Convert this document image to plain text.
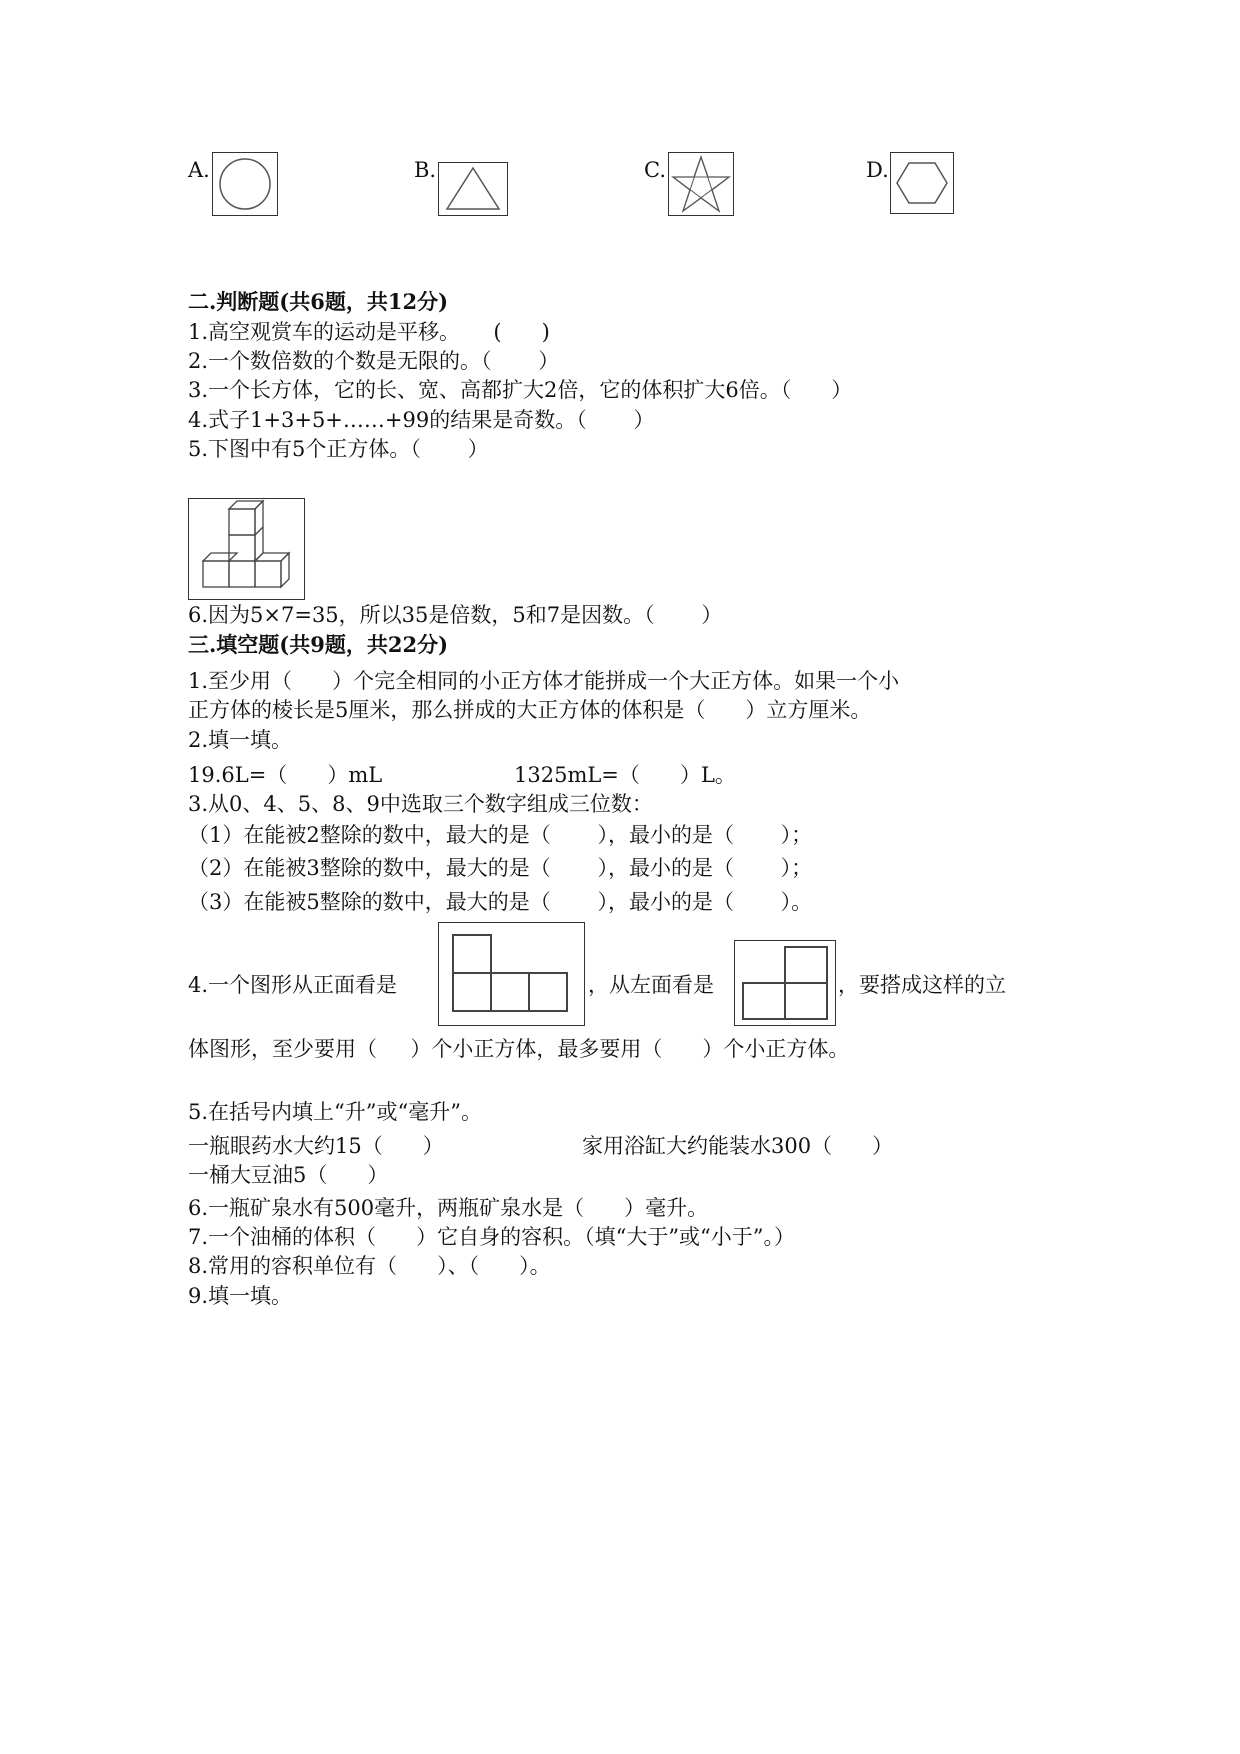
A.	B.	C.	D.
二.判断题(共6题，共12分)
1.高空观赏车的运动是平移。     (      )
2.一个数倍数的个数是无限的。（       ）
3.一个长方体，它的长、宽、高都扩大2倍，它的体积扩大6倍。（      ）
4.式子1+3+5+……+99的结果是奇数。（       ）
5.下图中有5个正方体。（       ）
6.因为5×7=35，所以35是倍数，5和7是因数。（       ）
三.填空题(共9题，共22分)
1.至少用（      ）个完全相同的小正方体才能拼成一个大正方体。如果一个小
正方体的棱长是5厘米，那么拼成的大正方体的体积是（      ）立方厘米。
2.填一填。
19.6L=（      ）mL	1325mL=（      ）L。
3.从0、4、5、8、9中选取三个数字组成三位数：
（1）在能被2整除的数中，最大的是（       ），最小的是（       ）；
（2）在能被3整除的数中，最大的是（       ），最小的是（       ）；
（3）在能被5整除的数中，最大的是（       ），最小的是（       ）。
4.一个图形从正面看是	，从左面看是	，要搭成这样的立
体图形，至少要用（     ）个小正方体，最多要用（      ）个小正方体。
5.在括号内填上“升”或“毫升”。
一瓶眼药水大约15（      ）	家用浴缸大约能装水300（      ）
一桶大豆油5（      ）
6.一瓶矿泉水有500毫升，两瓶矿泉水是（      ）毫升。
7.一个油桶的体积（      ）它自身的容积。（填“大于”或“小于”。）
8.常用的容积单位有（      ）、（      ）。
9.填一填。
